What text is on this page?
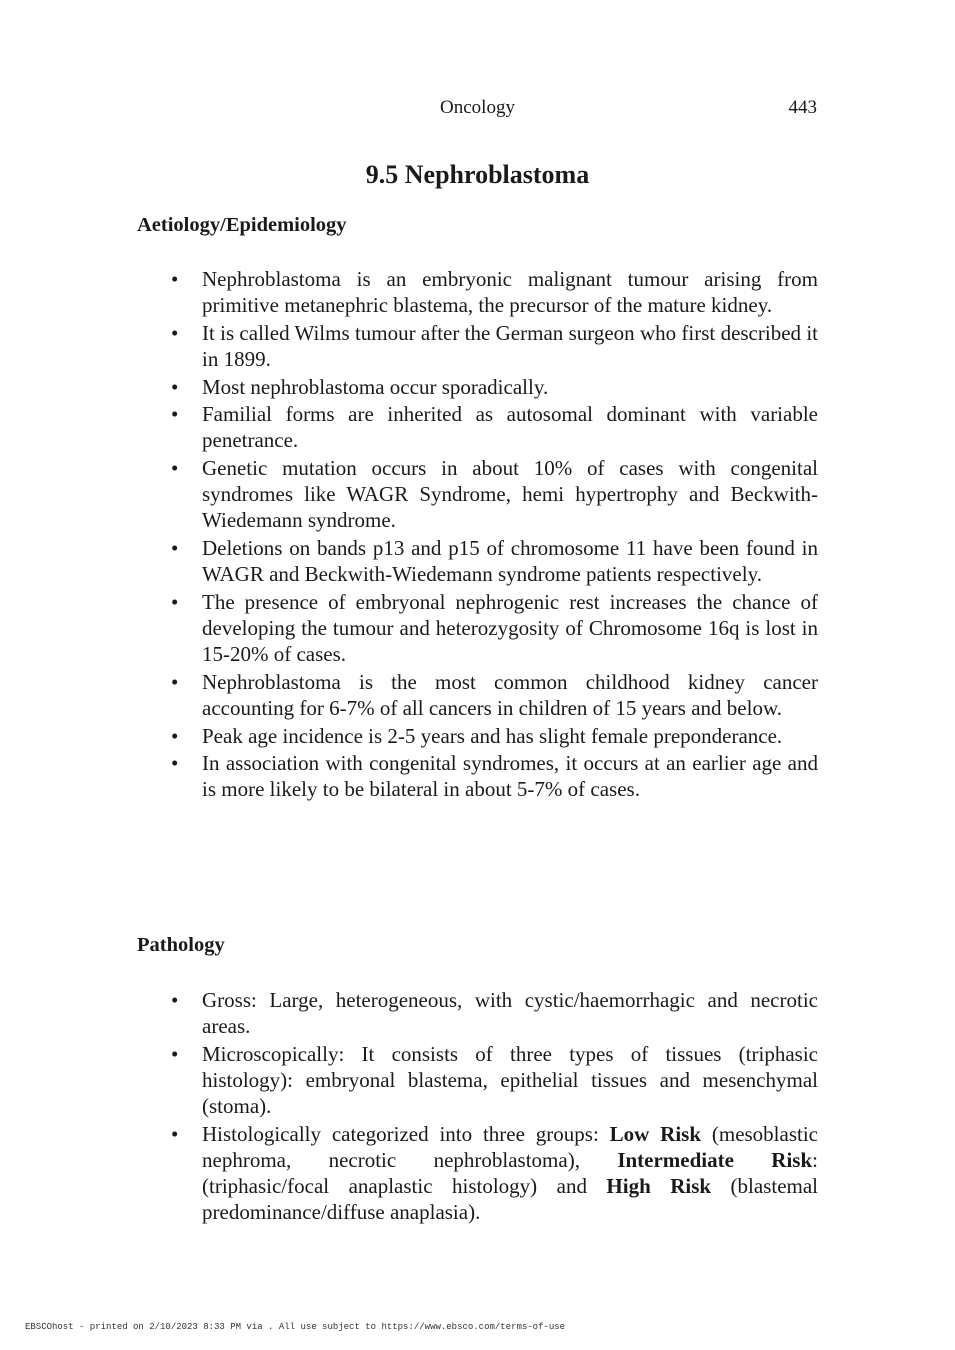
Oncology	443
9.5 Nephroblastoma
Aetiology/Epidemiology
• Nephroblastoma is an embryonic malignant tumour arising from primitive metanephric blastema, the precursor of the mature kidney.
• It is called Wilms tumour after the German surgeon who first described it in 1899.
• Most nephroblastoma occur sporadically.
• Familial forms are inherited as autosomal dominant with variable penetrance.
• Genetic mutation occurs in about 10% of cases with congenital syndromes like WAGR Syndrome, hemi hypertrophy and Beckwith- Wiedemann syndrome.
• Deletions on bands p13 and p15 of chromosome 11 have been found in WAGR and Beckwith-Wiedemann syndrome patients respectively.
• The presence of embryonal nephrogenic rest increases the chance of developing the tumour and heterozygosity of Chromosome 16q is lost in 15-20% of cases.
• Nephroblastoma is the most common childhood kidney cancer accounting for 6-7% of all cancers in children of 15 years and below.
• Peak age incidence is 2-5 years and has slight female preponderance.
• In association with congenital syndromes, it occurs at an earlier age and is more likely to be bilateral in about 5-7% of cases.
Pathology
• Gross: Large, heterogeneous, with cystic/haemorrhagic and necrotic areas.
• Microscopically: It consists of three types of tissues (triphasic histology): embryonal blastema, epithelial tissues and mesenchymal (stoma).
• Histologically categorized into three groups: Low Risk (mesoblastic nephroma, necrotic nephroblastoma), Intermediate Risk: (triphasic/focal anaplastic histology) and High Risk (blastemal predominance/diffuse anaplasia).
EBSCOhost - printed on 2/10/2023 8:33 PM via . All use subject to https://www.ebsco.com/terms-of-use
